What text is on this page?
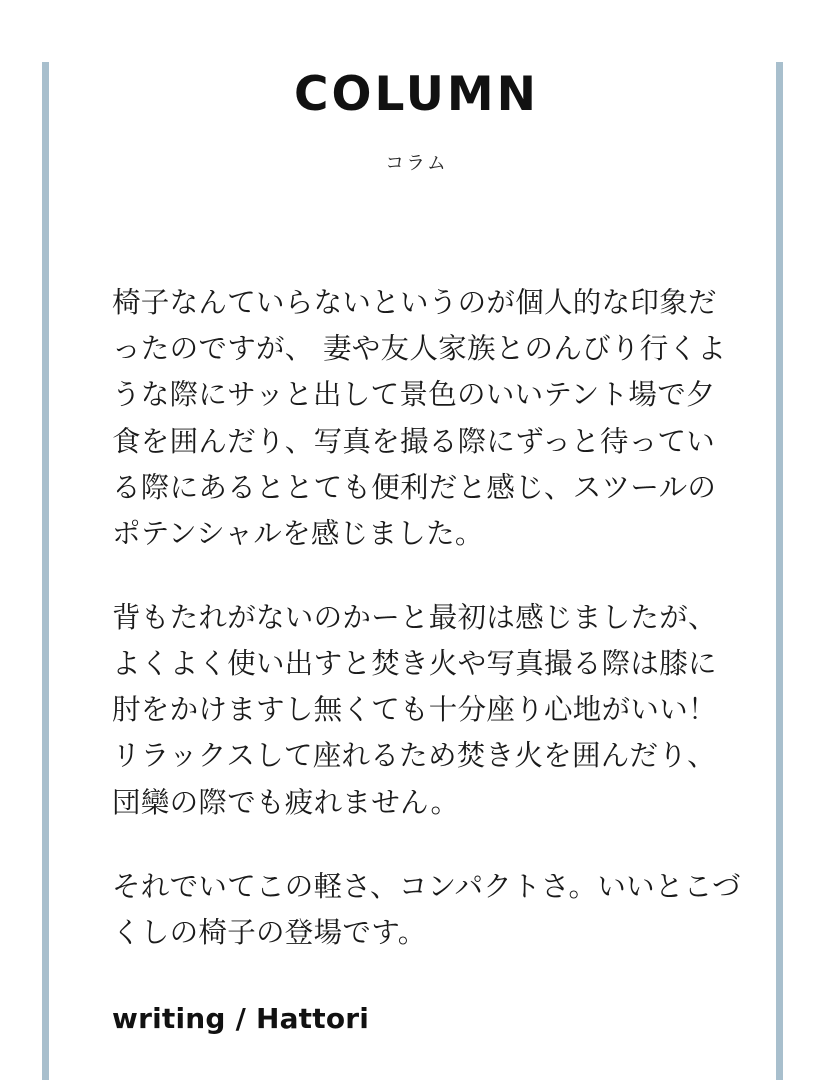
COLUMN
コラム

椅子なんていらないというのが個人的な印象だったのですが、 妻や友人家族とのんびり行くような際にサッと出して景色のいいテント場で夕食を囲んだり、写真を撮る際にずっと待っている際にあるととても便利だと感じ、スツールのポテンシャルを感じました。

背もたれがないのかーと最初は感じましたが、よくよく使い出すと焚き火や写真撮る際は膝に肘をかけますし無くても十分座り心地がいい！ リラックスして座れるため焚き火を囲んだり、団欒の際でも疲れません。

それでいてこの軽さ、コンパクトさ。いいとこづくしの椅子の登場です。

writing / Hattori
